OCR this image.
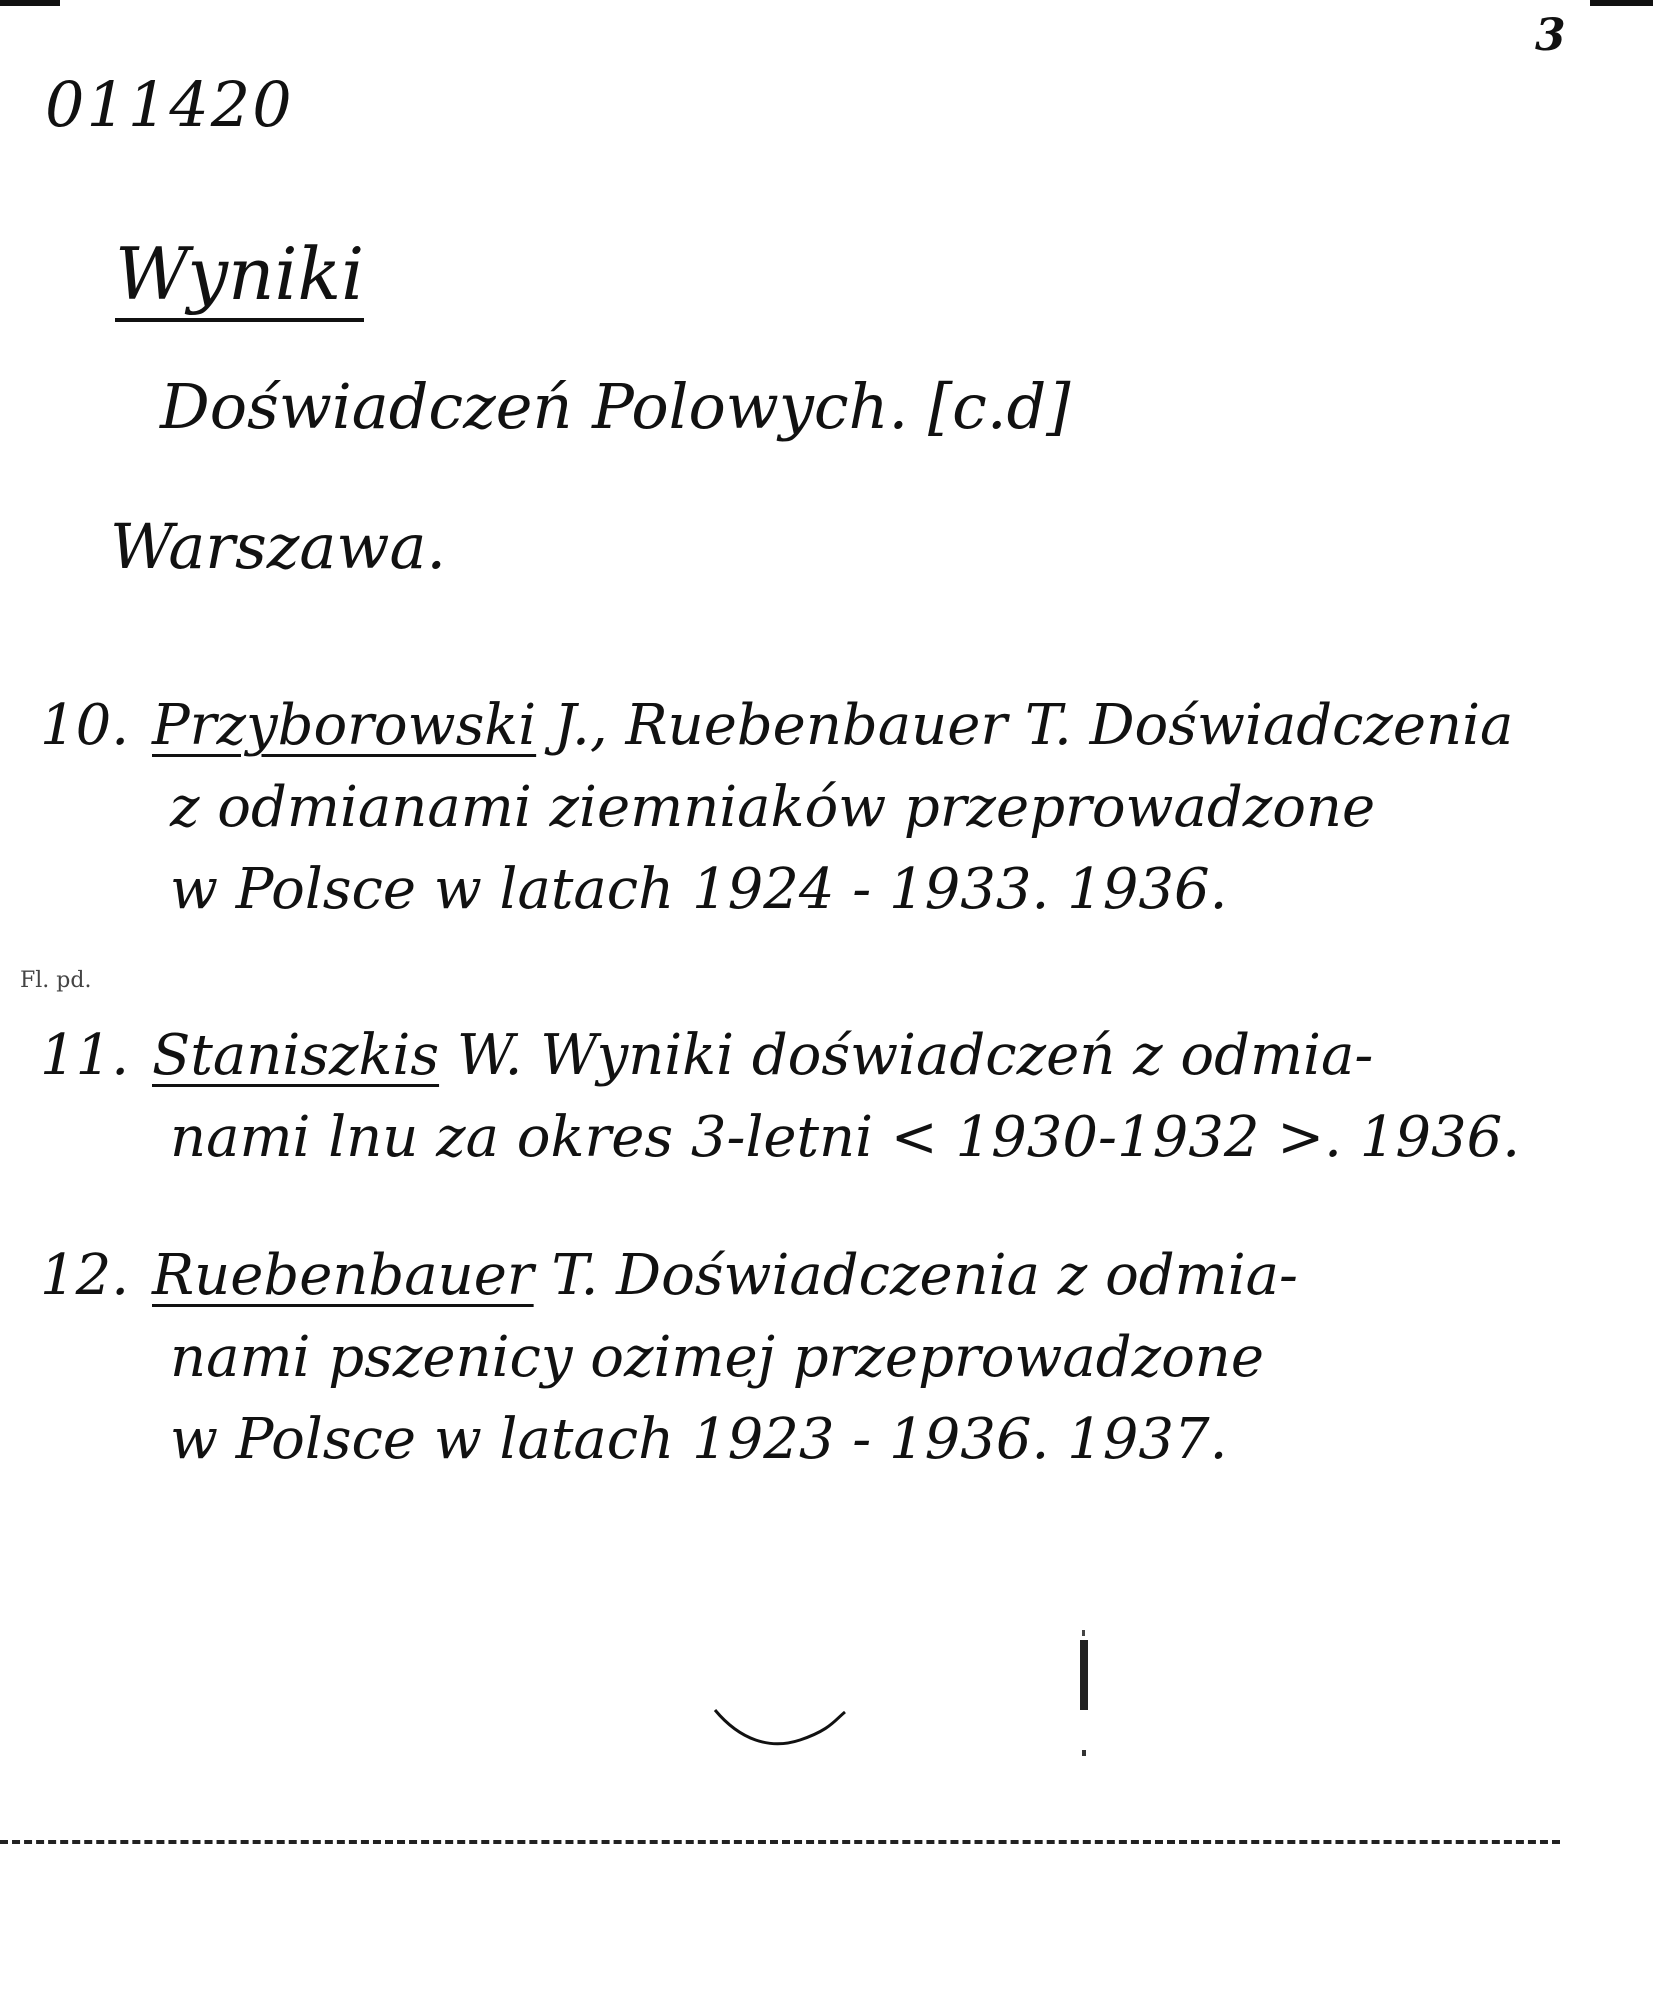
3
011420
Wyniki
Doświadczeń Polowych. [c.d]
Warszawa.
Fl. pd.
10. Przyborowski J., Ruebenbauer T. Doświadczenia
z odmianami ziemniaków przeprowadzone
w Polsce w latach 1924 - 1933. 1936.
11. Staniszkis W. Wyniki doświadczeń z odmia-
nami lnu za okres 3-letni < 1930-1932 >. 1936.
12. Ruebenbauer T. Doświadczenia z odmia-
nami pszenicy ozimej przeprowadzone
w Polsce w latach 1923 - 1936. 1937.
